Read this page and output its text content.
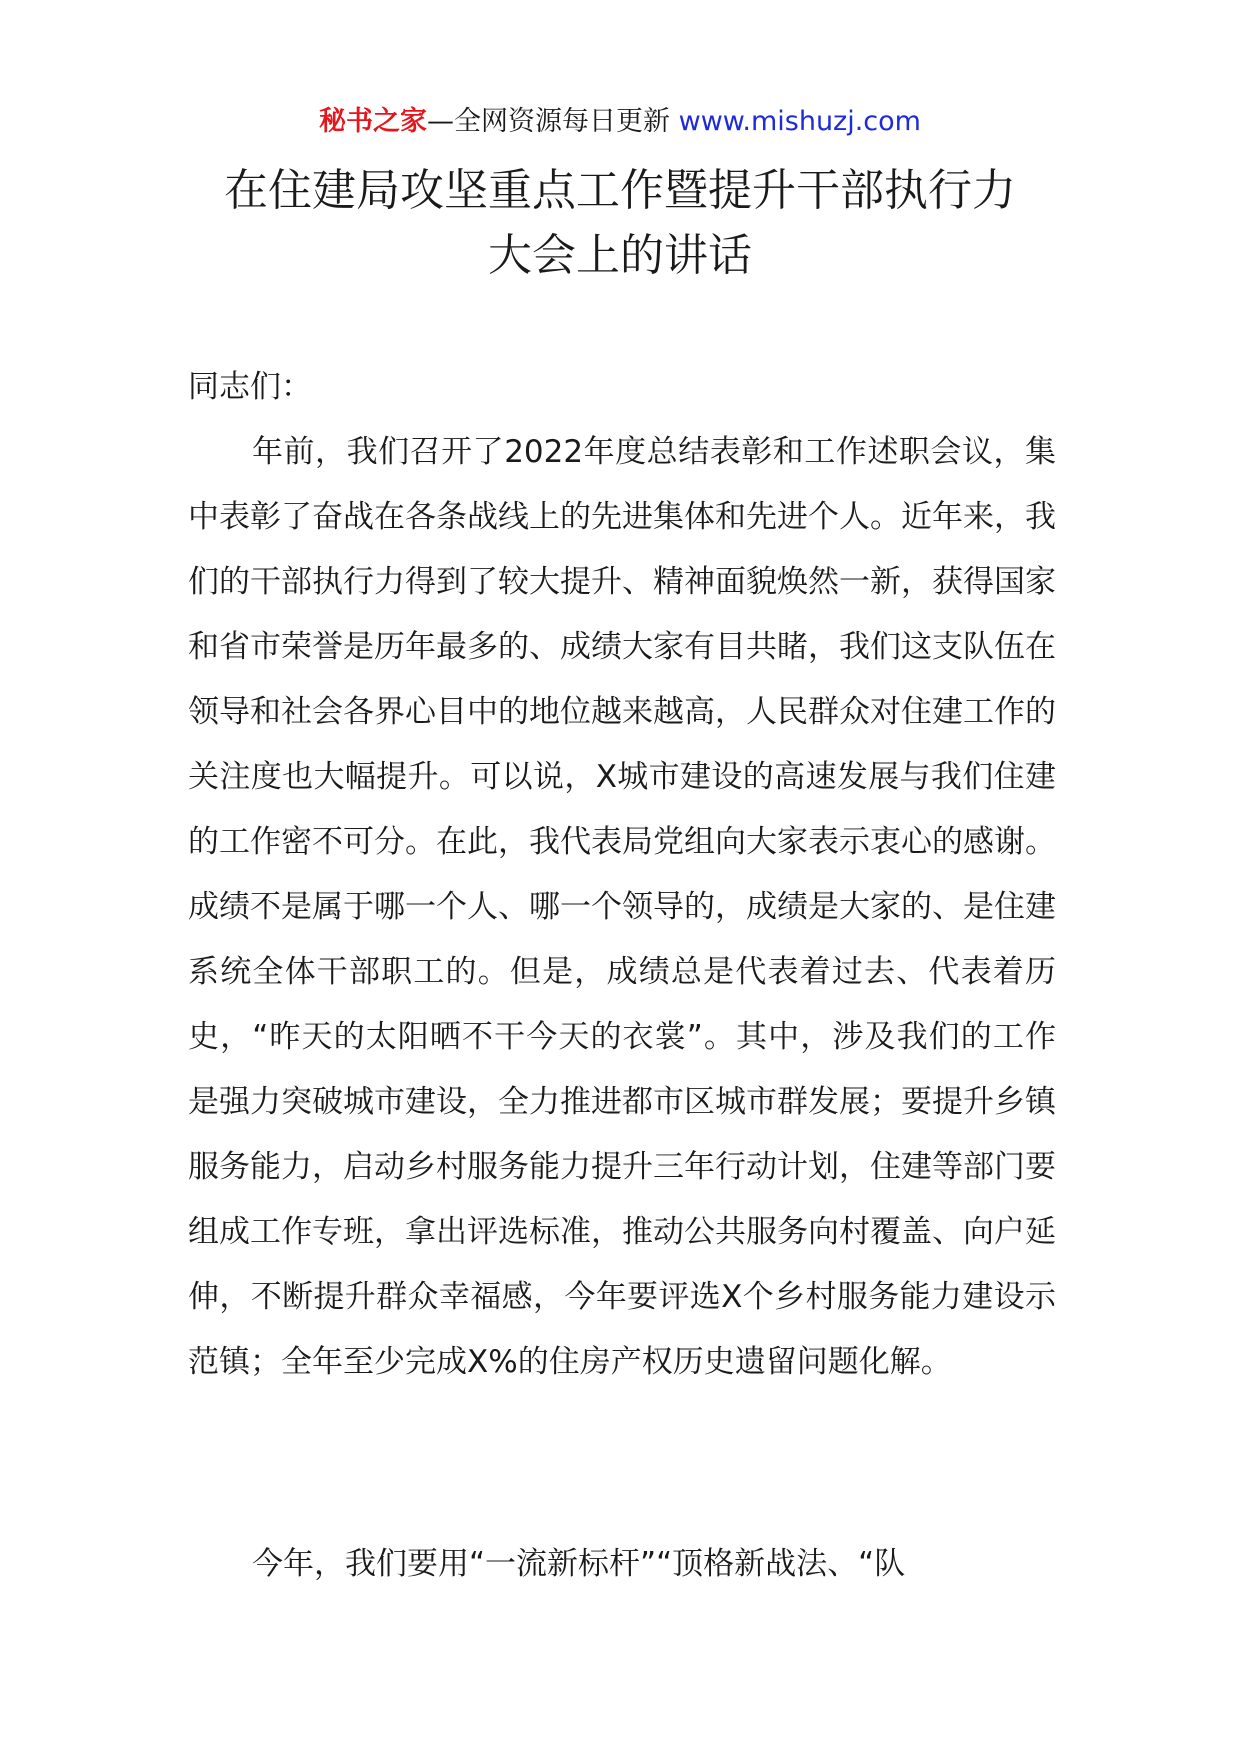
秘书之家—全网资源每日更新 www.mishuzj.com
在住建局攻坚重点工作暨提升干部执行力
大会上的讲话
同志们：

年前，我们召开了2022年度总结表彰和工作述职会议，集中表彰了奋战在各条战线上的先进集体和先进个人。近年来，我们的干部执行力得到了较大提升、精神面貌焕然一新，获得国家和省市荣誉是历年最多的、成绩大家有目共睹，我们这支队伍在领导和社会各界心目中的地位越来越高，人民群众对住建工作的关注度也大幅提升。可以说，X城市建设的高速发展与我们住建的工作密不可分。在此，我代表局党组向大家表示衷心的感谢。成绩不是属于哪一个人、哪一个领导的，成绩是大家的、是住建系统全体干部职工的。但是，成绩总是代表着过去、代表着历史，“昨天的太阳晒不干今天的衣裳”。其中，涉及我们的工作是强力突破城市建设，全力推进都市区城市群发展；要提升乡镇服务能力，启动乡村服务能力提升三年行动计划，住建等部门要组成工作专班，拿出评选标准，推动公共服务向村覆盖、向户延伸，不断提升群众幸福感，今年要评选X个乡村服务能力建设示范镇；全年至少完成X%的住房产权历史遗留问题化解。

今年，我们要用“一流新标杆”“顶格新战法、“队
